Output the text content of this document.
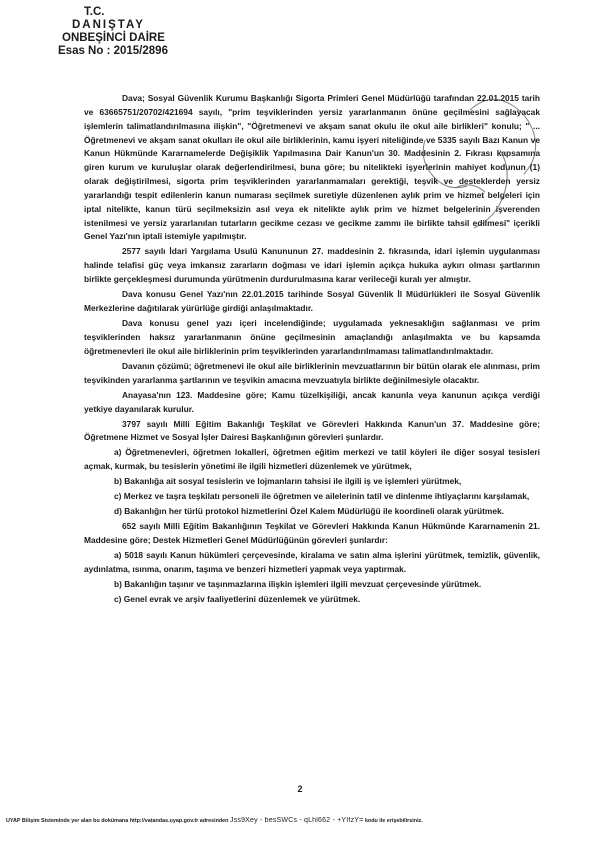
T.C.
DANIŞTAY
ONBEŞİNCİ DAİRE
Esas No : 2015/2896

Dava; Sosyal Güvenlik Kurumu Başkanlığı Sigorta Primleri Genel Müdürlüğü tarafından 22.01.2015 tarih ve 63665751/20702/421694 sayılı, "prim teşviklerinden yersiz yararlanmanın önüne geçilmesini sağlayacak işlemlerin talimatlandırılmasına ilişkin", "Öğretmenevi ve akşam sanat okulu ile okul aile birlikleri" konulu; " ... Öğretmenevi ve akşam sanat okulları ile okul aile birliklerinin, kamu işyeri niteliğinde ve 5335 sayılı Bazı Kanun ve Kanun Hükmünde Kararnamelerde Değişiklik Yapılmasına Dair Kanun'un 30. Maddesinin 2. Fıkrası kapsamına giren kurum ve kuruluşlar olarak değerlendirilmesi, buna göre; bu nitelikteki işyerlerinin mahiyet kodunun (1) olarak değiştirilmesi, sigorta prim teşviklerinden yararlanmamaları gerektiği, teşvik ve desteklerden yersiz yararlandığı tespit edilenlerin kanun numarası seçilmek suretiyle düzenlenen aylık prim ve hizmet belgeleri için iptal nitelikte, kanun türü seçilmeksizin asıl veya ek nitelikte aylık prim ve hizmet belgelerinin işverenden istenilmesi ve yersiz yararlanılan tutarların gecikme cezası ve gecikme zammı ile birlikte tahsil edilmesi" içerikli Genel Yazı'nın iptali istemiyle yapılmıştır.

2577 sayılı İdari Yargılama Usulü Kanununun 27. maddesinin 2. fıkrasında, idari işlemin uygulanması halinde telafisi güç veya imkansız zararların doğması ve idari işlemin açıkça hukuka aykırı olması şartlarının birlikte gerçekleşmesi durumunda yürütmenin durdurulmasına karar verileceği kuralı yer almıştır.

Dava konusu Genel Yazı'nın 22.01.2015 tarihinde Sosyal Güvenlik İl Müdürlükleri ile Sosyal Güvenlik Merkezlerine dağıtılarak yürürlüğe girdiği anlaşılmaktadır.

Dava konusu genel yazı içeri incelendiğinde; uygulamada yeknesaklığın sağlanması ve prim teşviklerinden haksız yararlanmanın önüne geçilmesinin amaçlandığı anlaşılmakta ve bu kapsamda öğretmenevleri ile okul aile birliklerinin prim teşviklerinden yararlandırılmaması talimatlandırılmaktadır.

Davanın çözümü; öğretmenevi ile okul aile birliklerinin mevzuatlarının bir bütün olarak ele alınması, prim teşvikinden yararlanma şartlarının ve teşvikin amacına mevzuatıyla birlikte değinilmesiyle olacaktır.

Anayasa'nın 123. Maddesine göre; Kamu tüzelkişiliği, ancak kanunla veya kanunun açıkça verdiği yetkiye dayanılarak kurulur.

3797 sayılı Milli Eğitim Bakanlığı Teşkilat ve Görevleri Hakkında Kanun'un 37. Maddesine göre; Öğretmene Hizmet ve Sosyal İşler Dairesi Başkanlığının görevleri şunlardır.

a) Öğretmenevleri, öğretmen lokalleri, öğretmen eğitim merkezi ve tatil köyleri ile diğer sosyal tesisleri açmak, kurmak, bu tesislerin yönetimi ile ilgili hizmetleri düzenlemek ve yürütmek,

b) Bakanlığa ait sosyal tesislerin ve lojmanların tahsisi ile ilgili iş ve işlemleri yürütmek,

c) Merkez ve taşra teşkilatı personeli ile öğretmen ve ailelerinin tatil ve dinlenme ihtiyaçlarını karşılamak,

d) Bakanlığın her türlü protokol hizmetlerini Özel Kalem Müdürlüğü ile koordineli olarak yürütmek.

652 sayılı Milli Eğitim Bakanlığının Teşkilat ve Görevleri Hakkında Kanun Hükmünde Kararnamenin 21. Maddesine göre; Destek Hizmetleri Genel Müdürlüğünün görevleri şunlardır:

a) 5018 sayılı Kanun hükümleri çerçevesinde, kiralama ve satın alma işlerini yürütmek, temizlik, güvenlik, aydınlatma, ısınma, onarım, taşıma ve benzeri hizmetleri yapmak veya yaptırmak.

b) Bakanlığın taşınır ve taşınmazlarına ilişkin işlemleri ilgili mevzuat çerçevesinde yürütmek.

c) Genel evrak ve arşiv faaliyetlerini düzenlemek ve yürütmek.

2
UYAP Bilişim Sisteminde yer alan bu dokümana http://vatandas.uyap.gov.tr adresinden Jss9Xey - besSWCs - qLhl662 - +YIfzY= kodu ile erişebilirsiniz.
